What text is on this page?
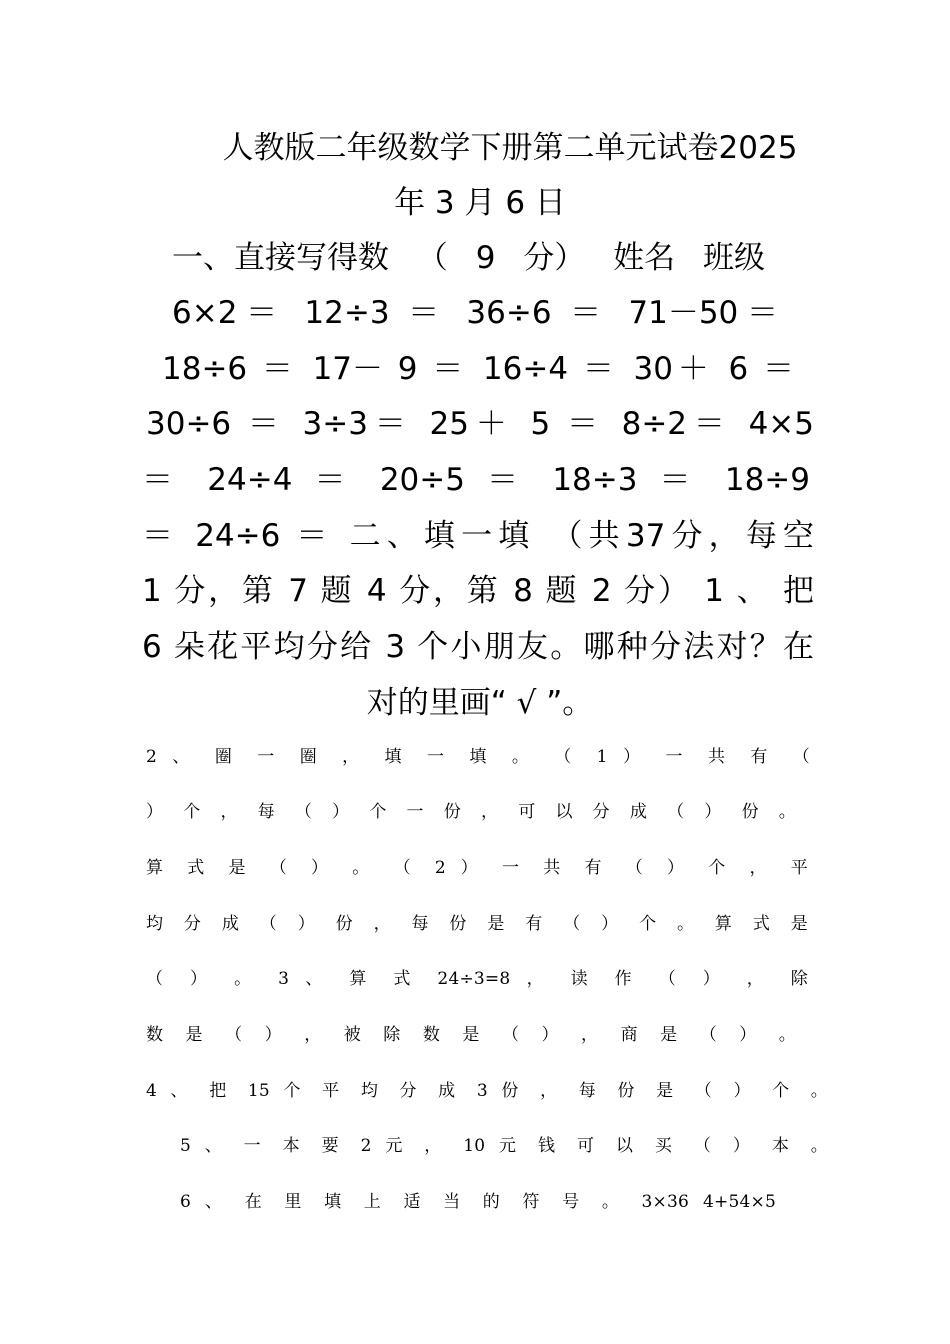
人教版二年级数学下册第二单元试卷2025
年 3 月 6 日
一、直接写得数 （ 9 分） 姓名 班级
6×2＝ 12÷3 ＝ 36÷6 ＝ 71－50＝
18÷6 ＝ 17－ 9 ＝ 16÷4 ＝ 30＋ 6 ＝
30÷6 ＝ 3÷3＝ 25＋ 5 ＝ 8÷2＝ 4×5
＝ 24÷4 ＝ 20÷5 ＝ 18÷3 ＝ 18÷9
＝ 24÷6 ＝ 二、填一填 （共37分，每空
1 分，第 7 题 4 分，第 8 题 2 分） 1 、 把
6 朵花平均分给 3 个小朋友。哪种分法对？在
对的里画“ √ ”。
2 、 圈 一 圈 ， 填 一 填 。 （ 1 ） 一 共 有 （
） 个 ， 每 （ ） 个 一 份 ， 可 以 分 成 （ ） 份 。
算 式 是 （ ） 。 （ 2 ） 一 共 有 （ ） 个 ， 平
均 分 成 （ ） 份 ， 每 份 是 有 （ ） 个 。 算 式 是
（ ） 。 3 、 算 式 24÷3=8 ， 读 作 （ ） ， 除
数 是 （ ） ， 被 除 数 是 （ ） ， 商 是 （ ） 。
4 、 把 15 个 平 均 分 成 3 份 ， 每 份 是 （ ） 个 。
5 、 一 本 要 2 元 ， 10 元 钱 可 以 买 （ ） 本 。
6 、 在 里 填 上 适 当 的 符 号 。 3×36 4+54×5
